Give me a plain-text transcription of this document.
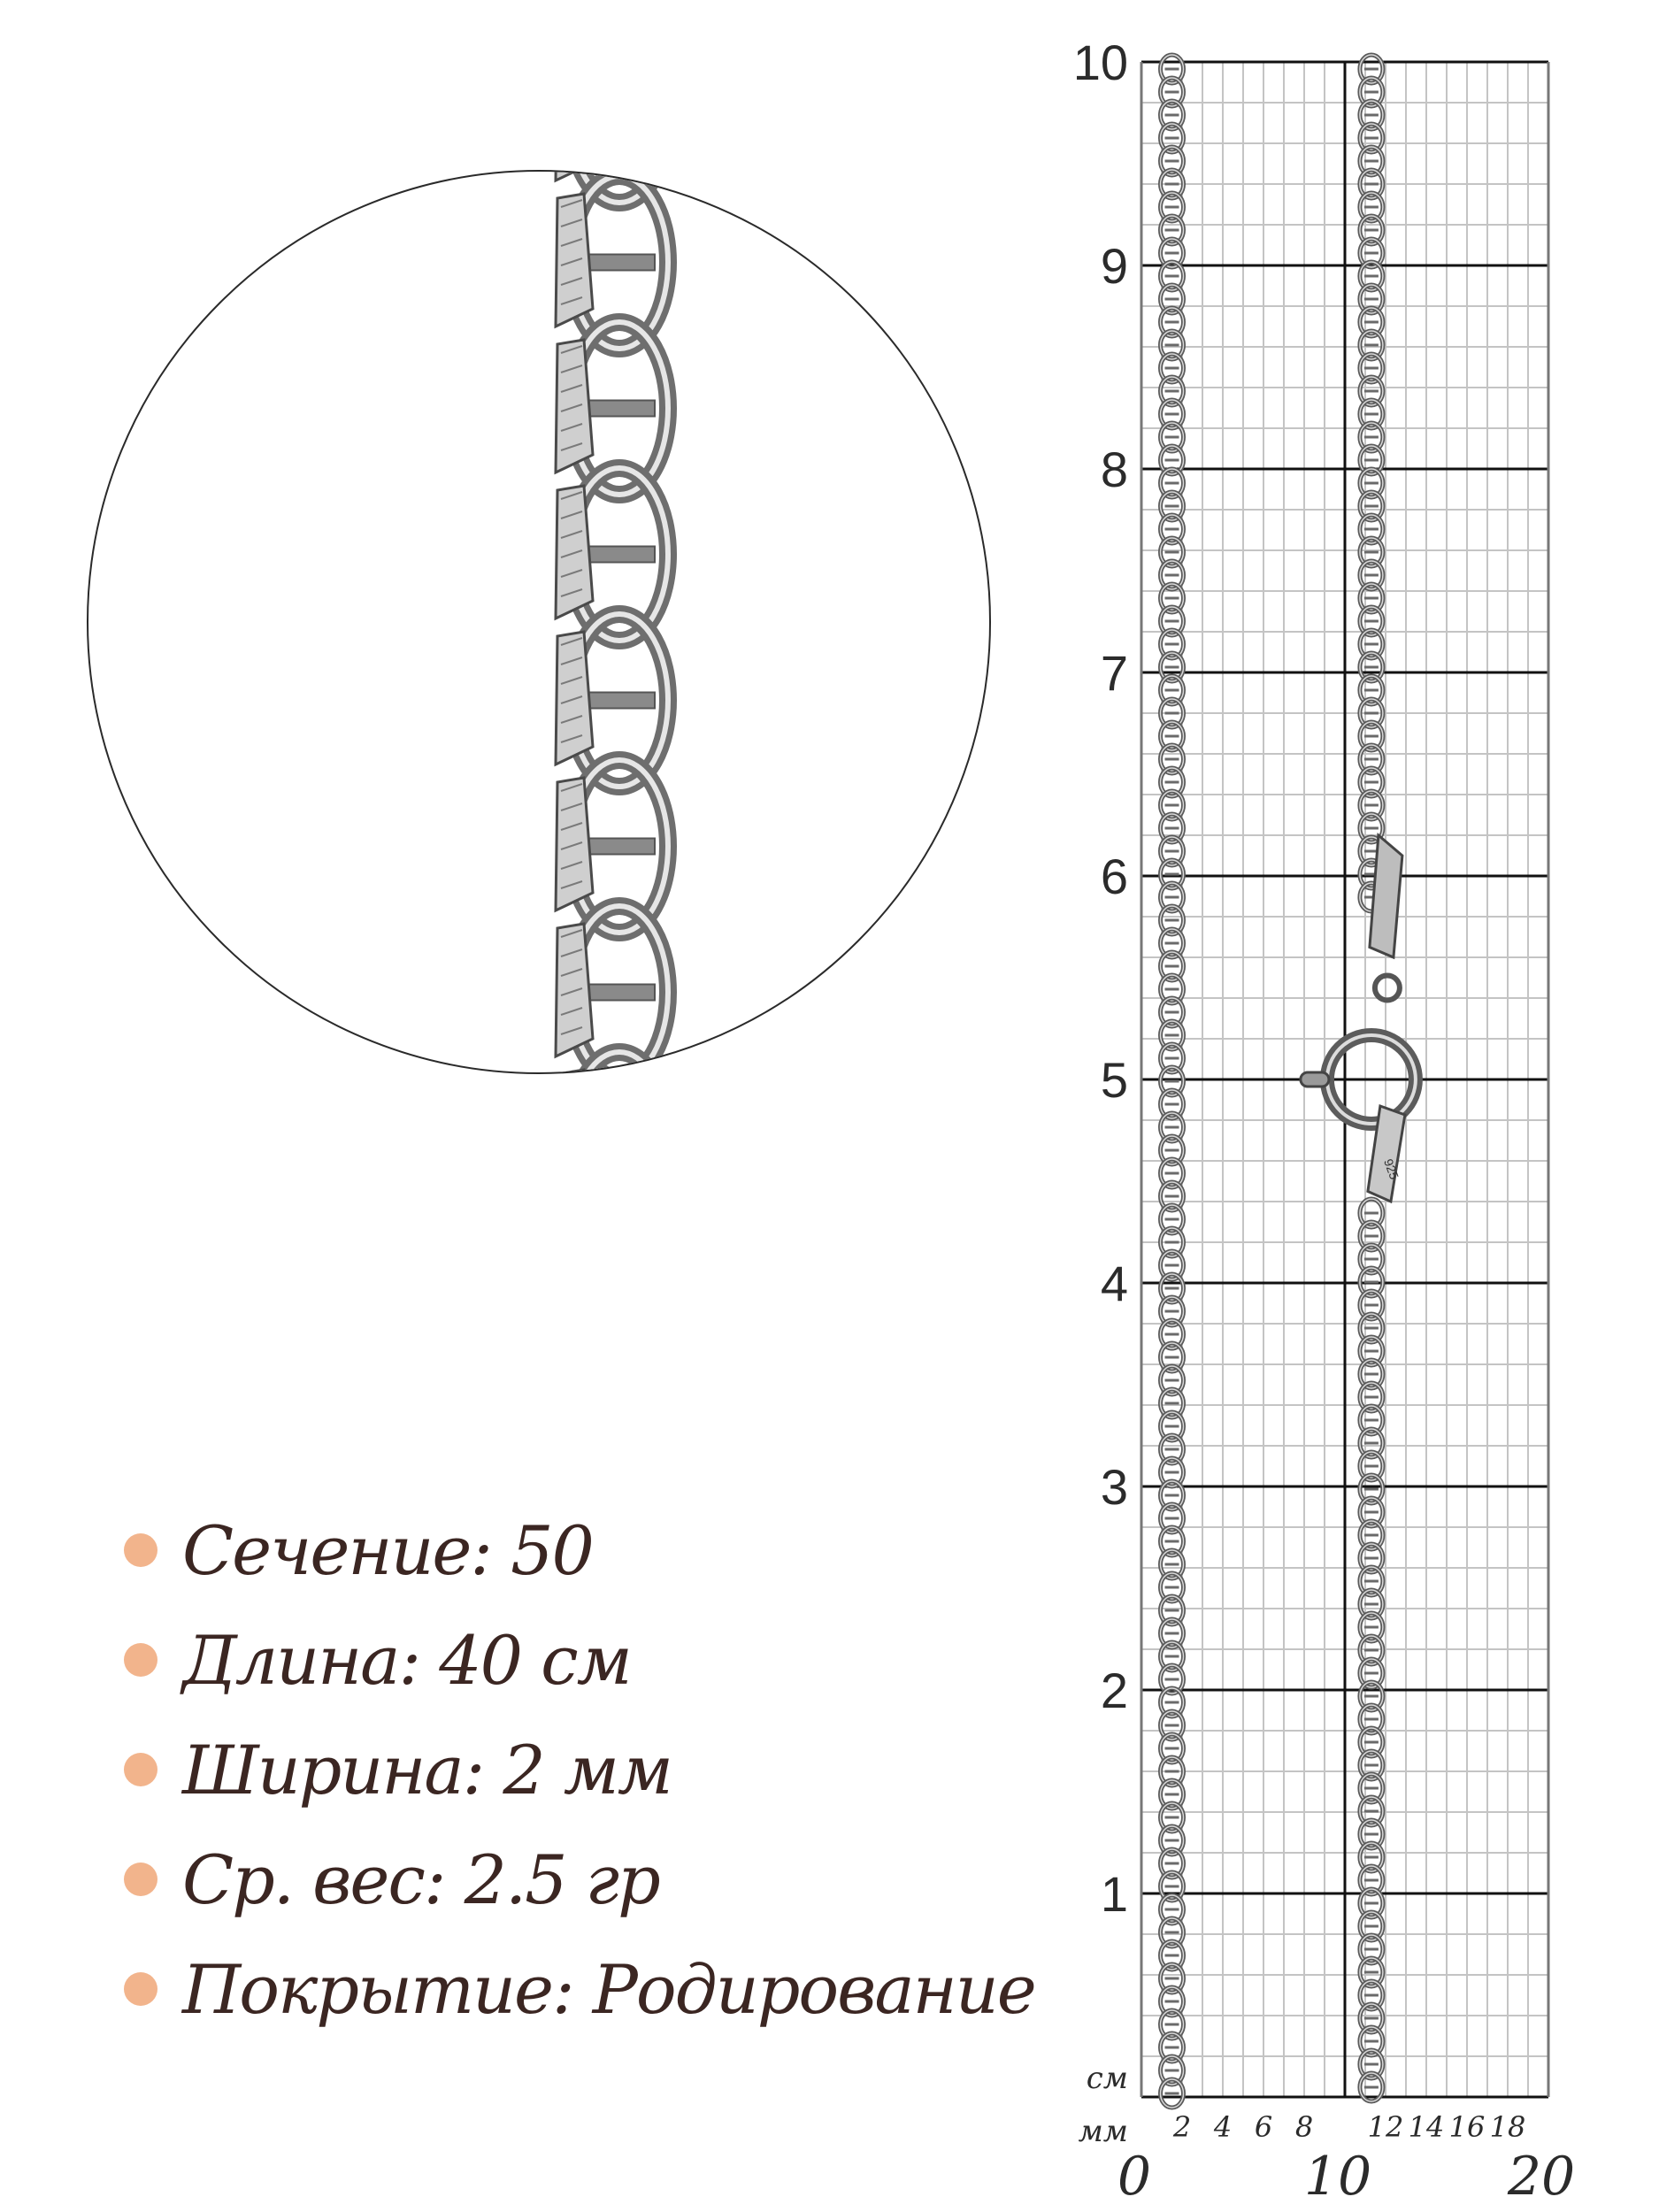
Сечение: 50
Длина: 40 см
Ширина: 2 мм
Ср. вес: 2.5 гр
Покрытие: Родирование
1
2
3
4
5
6
7
8
9
10
см
мм 2 4 6 8 12 14 16 18
0	10	20
925
